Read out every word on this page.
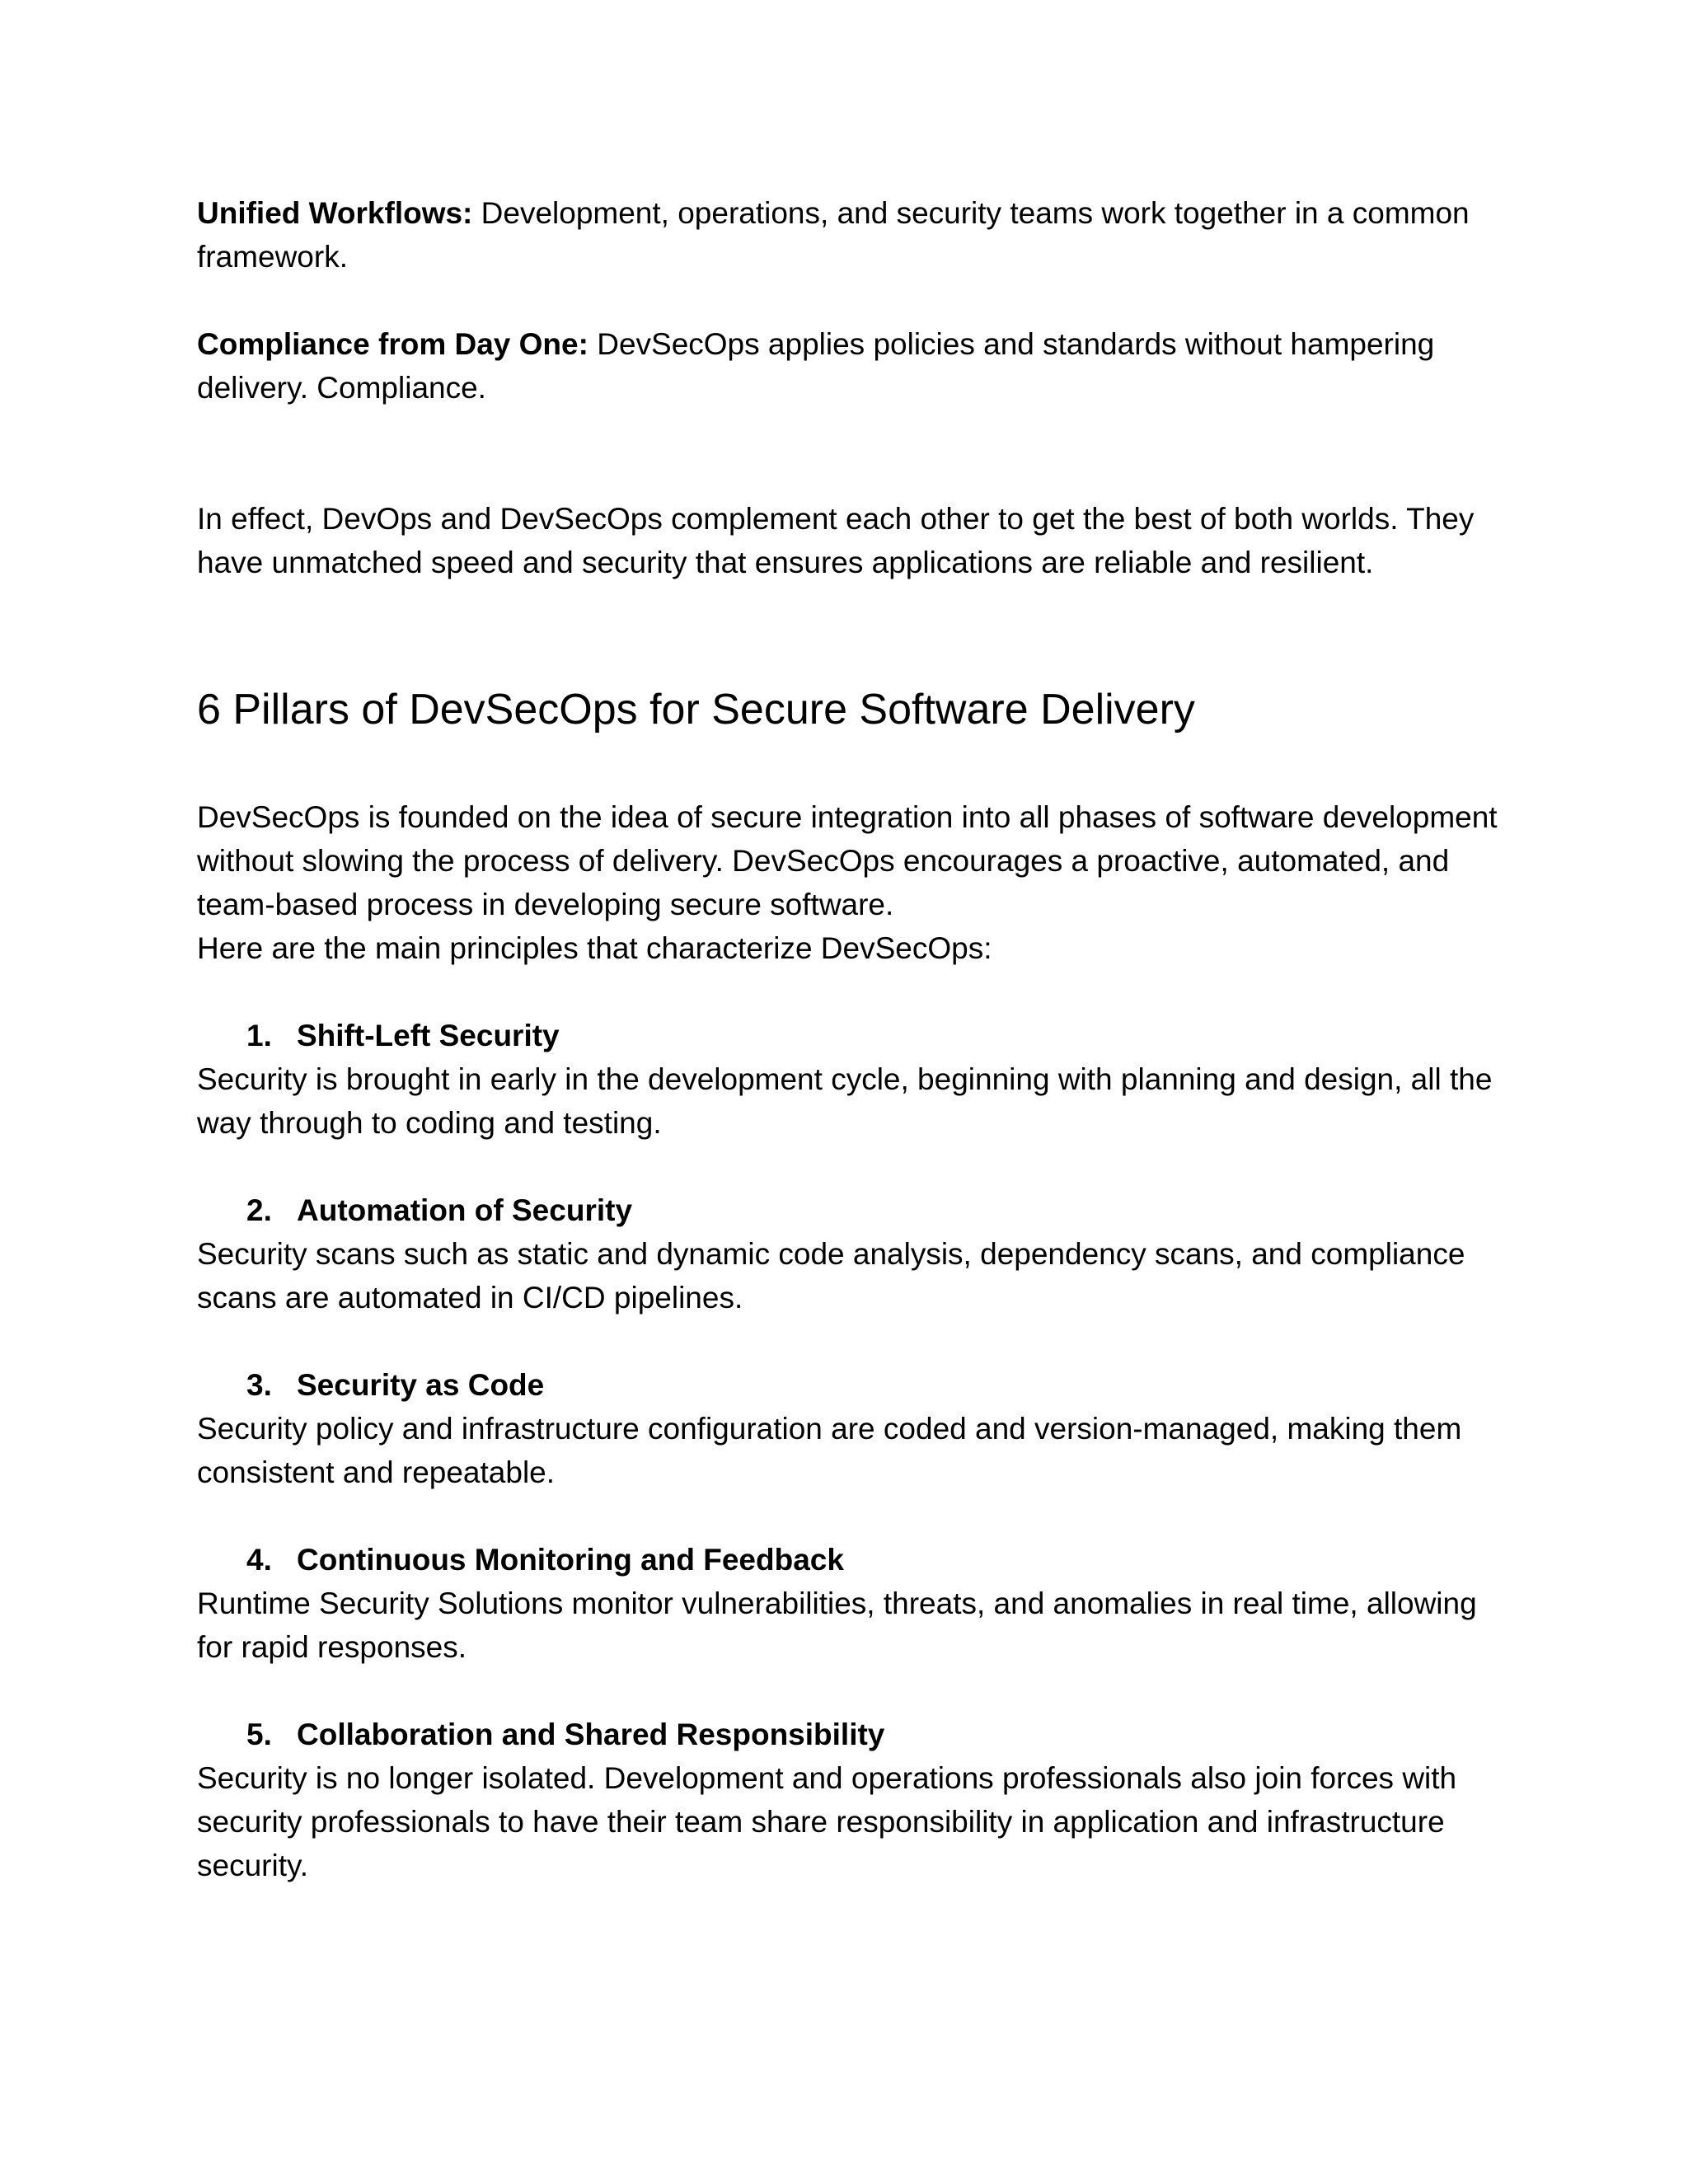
Unified Workflows: Development, operations, and security teams work together in a common framework.

Compliance from Day One: DevSecOps applies policies and standards without hampering delivery. Compliance.

In effect, DevOps and DevSecOps complement each other to get the best of both worlds. They have unmatched speed and security that ensures applications are reliable and resilient.

6 Pillars of DevSecOps for Secure Software Delivery

DevSecOps is founded on the idea of secure integration into all phases of software development without slowing the process of delivery. DevSecOps encourages a proactive, automated, and team-based process in developing secure software.

Here are the main principles that characterize DevSecOps:

1. Shift-Left Security

Security is brought in early in the development cycle, beginning with planning and design, all the way through to coding and testing.

2. Automation of Security

Security scans such as static and dynamic code analysis, dependency scans, and compliance scans are automated in CI/CD pipelines.

3. Security as Code

Security policy and infrastructure configuration are coded and version-managed, making them consistent and repeatable.

4. Continuous Monitoring and Feedback

Runtime Security Solutions monitor vulnerabilities, threats, and anomalies in real time, allowing for rapid responses.

5. Collaboration and Shared Responsibility

Security is no longer isolated. Development and operations professionals also join forces with security professionals to have their team share responsibility in application and infrastructure security.
